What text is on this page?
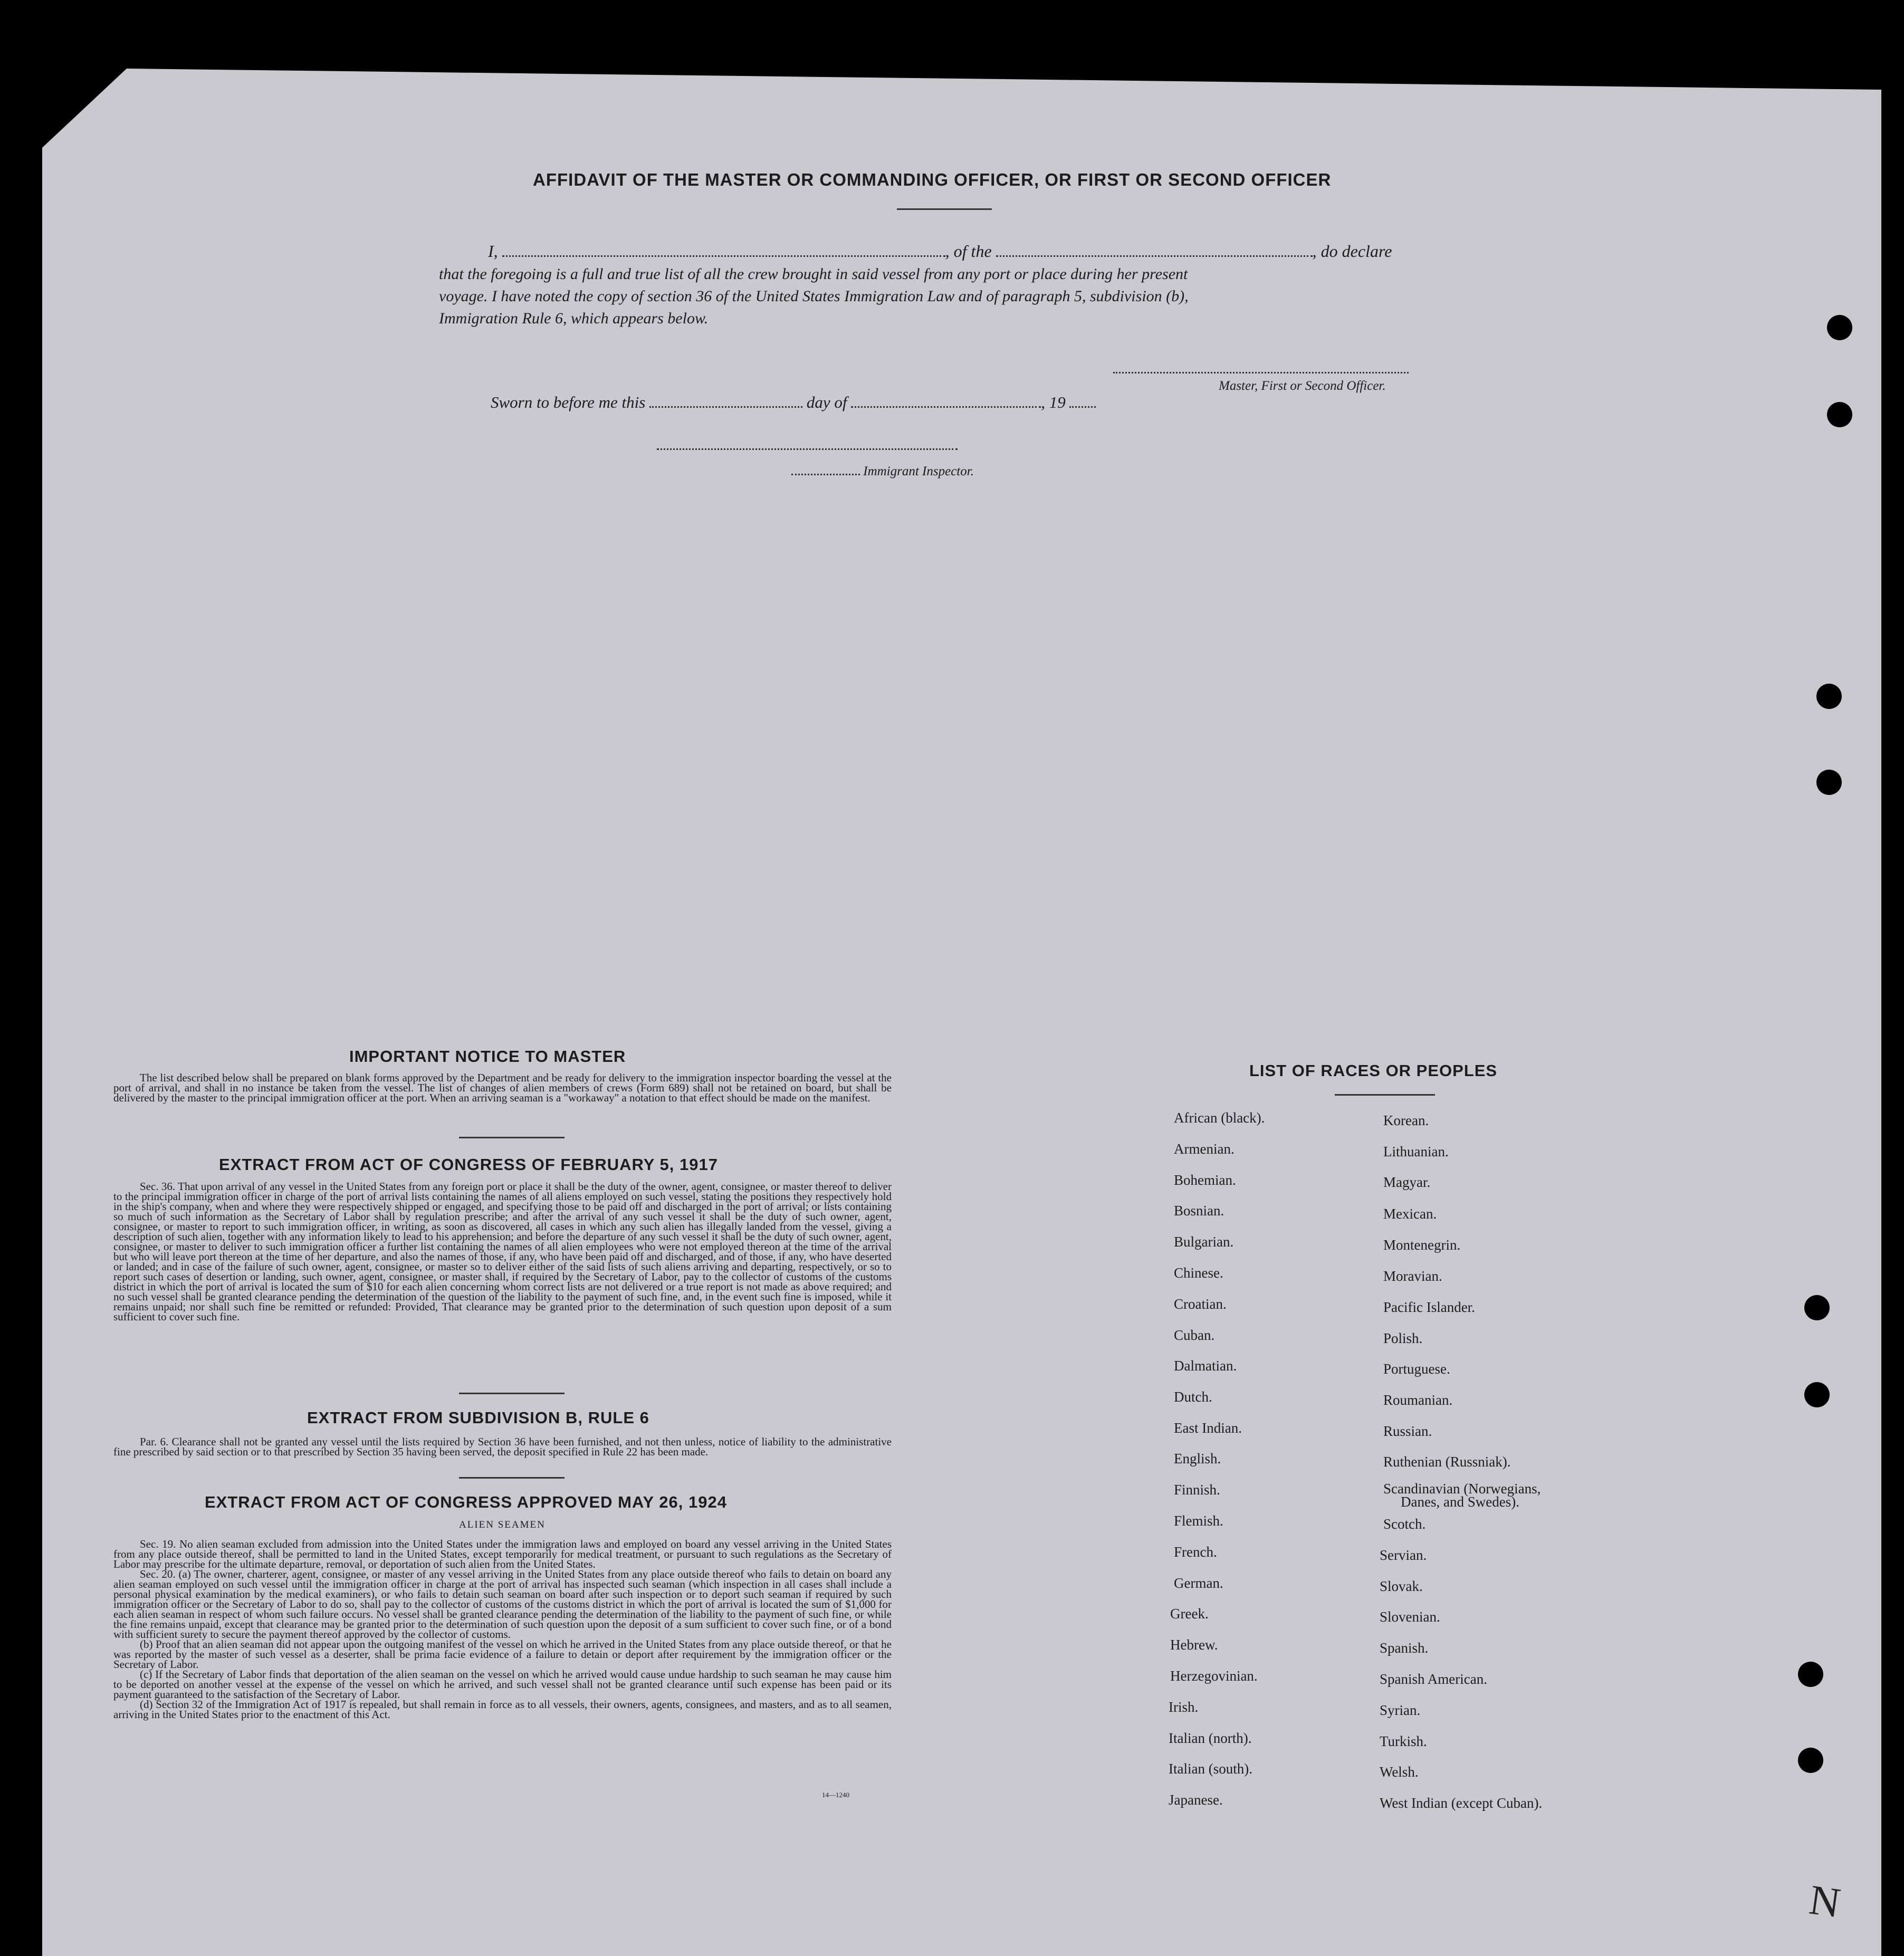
AFFIDAVIT OF THE MASTER OR COMMANDING OFFICER, OR FIRST OR SECOND OFFICER
I,	, of the	, do declare
that the foregoing is a full and true list of all the crew brought in said vessel from any port or place during her present
voyage. I have noted the copy of section 36 of the United States Immigration Law and of paragraph 5, subdivision (b),
Immigration Rule 6, which appears below.
Master, First or Second Officer.
Sworn to before me this	day of	, 19
Immigrant Inspector.
IMPORTANT NOTICE TO MASTER
The list described below shall be prepared on blank forms approved by the Department and be ready for delivery to the immigration inspector boarding the vessel at the port of arrival, and shall in no instance be taken from the vessel. The list of changes of alien members of crews (Form 689) shall not be retained on board, but shall be delivered by the master to the principal immigration officer at the port. When an arriving seaman is a "workaway" a notation to that effect should be made on the manifest.
EXTRACT FROM ACT OF CONGRESS OF FEBRUARY 5, 1917
Sec. 36. That upon arrival of any vessel in the United States from any foreign port or place it shall be the duty of the owner, agent, consignee, or master thereof to deliver to the principal immigration officer in charge of the port of arrival lists containing the names of all aliens employed on such vessel, stating the positions they respectively hold in the ship's company, when and where they were respectively shipped or engaged, and specifying those to be paid off and discharged in the port of arrival; or lists containing so much of such information as the Secretary of Labor shall by regulation prescribe; and after the arrival of any such vessel it shall be the duty of such owner, agent, consignee, or master to report to such immigration officer, in writing, as soon as discovered, all cases in which any such alien has illegally landed from the vessel, giving a description of such alien, together with any information likely to lead to his apprehension; and before the departure of any such vessel it shall be the duty of such owner, agent, consignee, or master to deliver to such immigration officer a further list containing the names of all alien employees who were not employed thereon at the time of the arrival but who will leave port thereon at the time of her departure, and also the names of those, if any, who have been paid off and discharged, and of those, if any, who have deserted or landed; and in case of the failure of such owner, agent, consignee, or master so to deliver either of the said lists of such aliens arriving and departing, respectively, or so to report such cases of desertion or landing, such owner, agent, consignee, or master shall, if required by the Secretary of Labor, pay to the collector of customs of the customs district in which the port of arrival is located the sum of $10 for each alien concerning whom correct lists are not delivered or a true report is not made as above required; and no such vessel shall be granted clearance pending the determination of the question of the liability to the payment of such fine, and, in the event such fine is imposed, while it remains unpaid; nor shall such fine be remitted or refunded: Provided, That clearance may be granted prior to the determination of such question upon deposit of a sum sufficient to cover such fine.
EXTRACT FROM SUBDIVISION B, RULE 6
Par. 6. Clearance shall not be granted any vessel until the lists required by Section 36 have been furnished, and not then unless, notice of liability to the administrative fine prescribed by said section or to that prescribed by Section 35 having been served, the deposit specified in Rule 22 has been made.
EXTRACT FROM ACT OF CONGRESS APPROVED MAY 26, 1924
ALIEN SEAMEN
Sec. 19. No alien seaman excluded from admission into the United States under the immigration laws and employed on board any vessel arriving in the United States from any place outside thereof, shall be permitted to land in the United States, except temporarily for medical treatment, or pursuant to such regulations as the Secretary of Labor may prescribe for the ultimate departure, removal, or deportation of such alien from the United States.
Sec. 20. (a) The owner, charterer, agent, consignee, or master of any vessel arriving in the United States from any place outside thereof who fails to detain on board any alien seaman employed on such vessel until the immigration officer in charge at the port of arrival has inspected such seaman (which inspection in all cases shall include a personal physical examination by the medical examiners), or who fails to detain such seaman on board after such inspection or to deport such seaman if required by such immigration officer or the Secretary of Labor to do so, shall pay to the collector of customs of the customs district in which the port of arrival is located the sum of $1,000 for each alien seaman in respect of whom such failure occurs. No vessel shall be granted clearance pending the determination of the liability to the payment of such fine, or while the fine remains unpaid, except that clearance may be granted prior to the determination of such question upon the deposit of a sum sufficient to cover such fine, or of a bond with sufficient surety to secure the payment thereof approved by the collector of customs.
(b) Proof that an alien seaman did not appear upon the outgoing manifest of the vessel on which he arrived in the United States from any place outside thereof, or that he was reported by the master of such vessel as a deserter, shall be prima facie evidence of a failure to detain or deport after requirement by the immigration officer or the Secretary of Labor.
(c) If the Secretary of Labor finds that deportation of the alien seaman on the vessel on which he arrived would cause undue hardship to such seaman he may cause him to be deported on another vessel at the expense of the vessel on which he arrived, and such vessel shall not be granted clearance until such expense has been paid or its payment guaranteed to the satisfaction of the Secretary of Labor.
(d) Section 32 of the Immigration Act of 1917 is repealed, but shall remain in force as to all vessels, their owners, agents, consignees, and masters, and as to all seamen, arriving in the United States prior to the enactment of this Act.
14—1240
LIST OF RACES OR PEOPLES
African (black).
Armenian.
Bohemian.
Bosnian.
Bulgarian.
Chinese.
Croatian.
Cuban.
Dalmatian.
Dutch.
East Indian.
English.
Finnish.
Flemish.
French.
German.
Greek.
Hebrew.
Herzegovinian.
Irish.
Italian (north).
Italian (south).
Japanese.
Korean.
Lithuanian.
Magyar.
Mexican.
Montenegrin.
Moravian.
Pacific Islander.
Polish.
Portuguese.
Roumanian.
Russian.
Ruthenian (Russniak).
Scandinavian (Norwegians,
Scotch.
Servian.
Slovak.
Slovenian.
Spanish.
Spanish American.
Syrian.
Turkish.
Welsh.
West Indian (except Cuban).
Danes, and Swedes).
N
